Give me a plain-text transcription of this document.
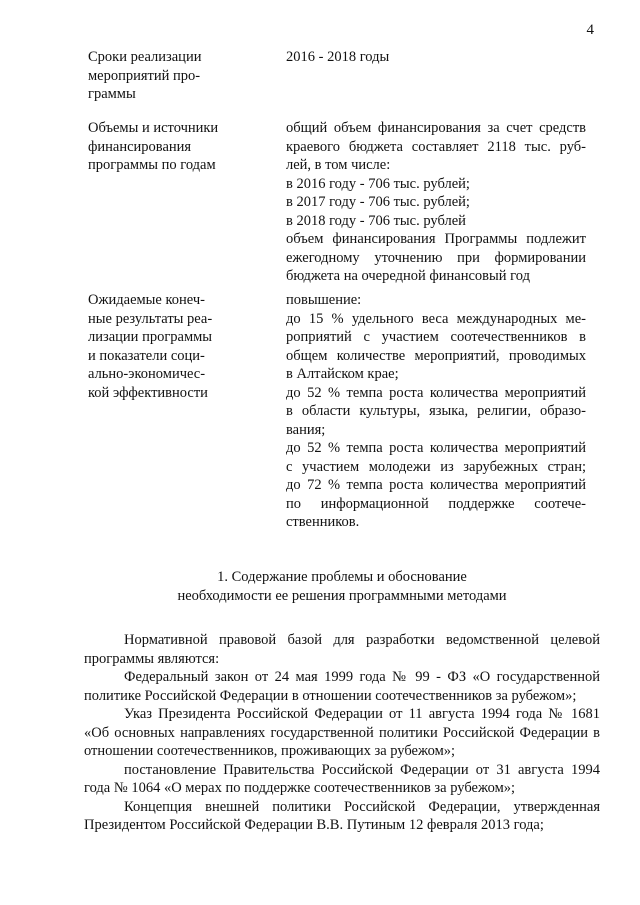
4
Сроки реализации
мероприятий про-
граммы
2016 - 2018 годы
Объемы и источники
финансирования
программы по годам
общий объем финансирования за счет средств
краевого бюджета составляет 2118 тыс. руб-
лей, в том числе:
в 2016 году - 706 тыс. рублей;
в 2017 году - 706 тыс. рублей;
в 2018 году - 706 тыс. рублей
объем финансирования Программы подлежит
ежегодному уточнению при формировании
бюджета на очередной финансовый год
Ожидаемые конеч-
ные результаты реа-
лизации программы
и показатели соци-
ально-экономичес-
кой эффективности
повышение:
до 15 % удельного веса международных ме-
роприятий с участием соотечественников в
общем количестве мероприятий, проводимых
в Алтайском крае;
до 52 % темпа роста количества мероприятий
в области культуры, языка, религии, образо-
вания;
до 52 % темпа роста количества мероприятий
с участием молодежи из зарубежных стран;
до 72 % темпа роста количества мероприятий
по информационной поддержке соотече-
ственников.
1. Содержание проблемы и обоснование
необходимости ее решения программными методами

Нормативной правовой базой для разработки ведомственной целевой программы являются:

Федеральный закон от 24 мая 1999 года № 99 - ФЗ «О государственной политике Российской Федерации в отношении соотечественников за рубежом»;

Указ Президента Российской Федерации от 11 августа 1994 года № 1681 «Об основных направлениях государственной политики Российской Федерации в отношении соотечественников, проживающих за рубежом»;

постановление Правительства Российской Федерации от 31 августа 1994 года № 1064 «О мерах по поддержке соотечественников за рубежом»;

Концепция внешней политики Российской Федерации, утвержденная Президентом Российской Федерации В.В. Путиным 12 февраля 2013 года;
